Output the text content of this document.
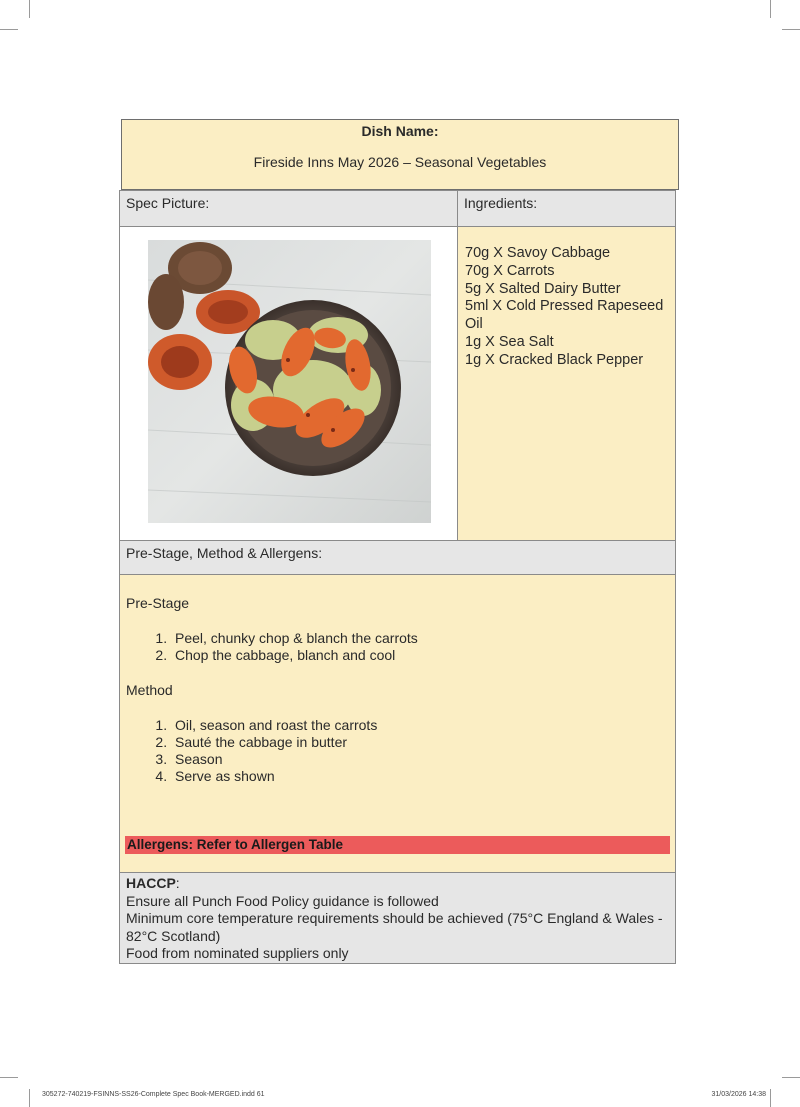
Dish Name:
Fireside Inns May 2026 – Seasonal Vegetables
Spec Picture:	Ingredients:
70g X Savoy Cabbage
70g X Carrots
5g X Salted Dairy Butter
5ml X Cold Pressed Rapeseed Oil
1g X Sea Salt
1g X Cracked Black Pepper
Pre-Stage, Method & Allergens:
Pre-Stage
1. Peel, chunky chop & blanch the carrots
2. Chop the cabbage, blanch and cool
Method
1. Oil, season and roast the carrots
2. Sauté the cabbage in butter
3. Season
4. Serve as shown
Allergens: Refer to Allergen Table
HACCP:
Ensure all Punch Food Policy guidance is followed
Minimum core temperature requirements should be achieved (75°C England & Wales - 82°C Scotland)
Food from nominated suppliers only
305272-740219-FSINNS-SS26-Complete Spec Book-MERGED.indd 61	31/03/2026 14:38
